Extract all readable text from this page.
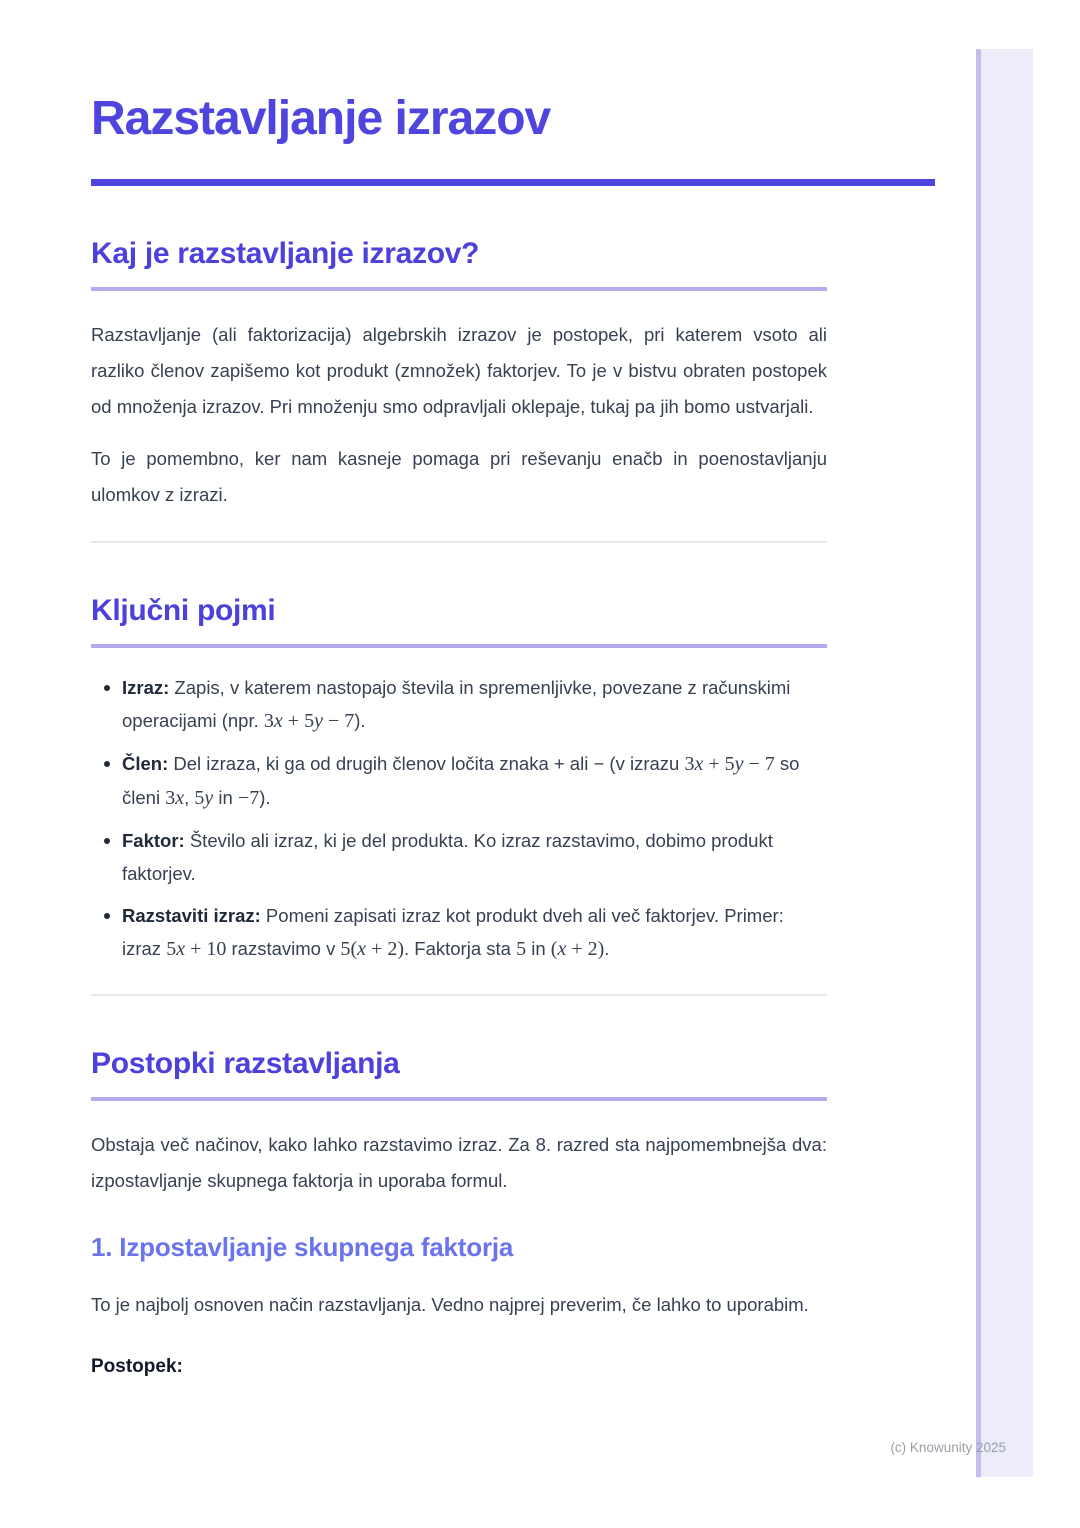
Razstavljanje izrazov
Kaj je razstavljanje izrazov?

Razstavljanje (ali faktorizacija) algebrskih izrazov je postopek, pri katerem vsoto ali razliko členov zapišemo kot produkt (zmnožek) faktorjev. To je v bistvu obraten postopek od množenja izrazov. Pri množenju smo odpravljali oklepaje, tukaj pa jih bomo ustvarjali.

To je pomembno, ker nam kasneje pomaga pri reševanju enačb in poenostavljanju ulomkov z izrazi.

Ključni pojmi
Izraz: Zapis, v katerem nastopajo števila in spremenljivke, povezane z računskimi operacijami (npr. 3x + 5y − 7).
Člen: Del izraza, ki ga od drugih členov ločita znaka + ali − (v izrazu 3x + 5y − 7 so členi 3x, 5y in −7).
Faktor: Število ali izraz, ki je del produkta. Ko izraz razstavimo, dobimo produkt faktorjev.
Razstaviti izraz: Pomeni zapisati izraz kot produkt dveh ali več faktorjev. Primer: izraz 5x + 10 razstavimo v 5(x + 2). Faktorja sta 5 in (x + 2).
Postopki razstavljanja

Obstaja več načinov, kako lahko razstavimo izraz. Za 8. razred sta najpomembnejša dva: izpostavljanje skupnega faktorja in uporaba formul.

1. Izpostavljanje skupnega faktorja

To je najbolj osnoven način razstavljanja. Vedno najprej preverim, če lahko to uporabim.

Postopek:

(c) Knowunity 2025
